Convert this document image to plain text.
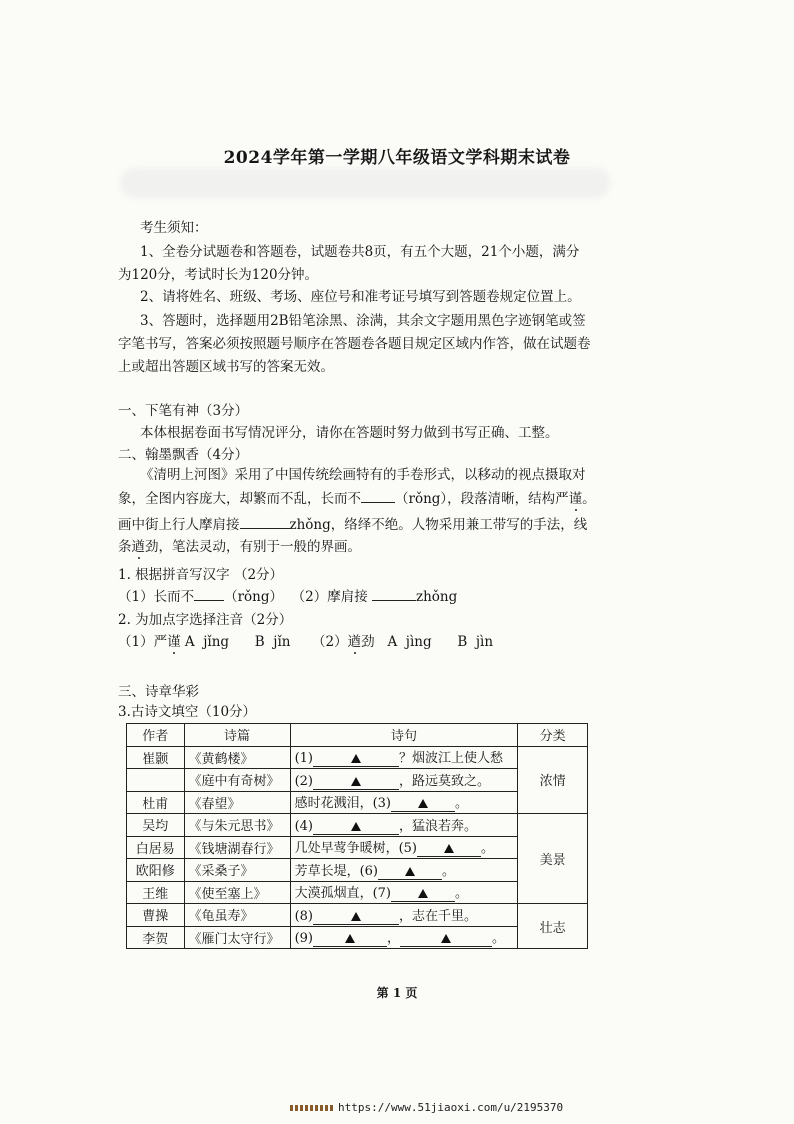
2024学年第一学期八年级语文学科期末试卷
考生须知：
1、全卷分试题卷和答题卷，试题卷共8页，有五个大题，21个小题，满分
为120分，考试时长为120分钟。
2、请将姓名、班级、考场、座位号和准考证号填写到答题卷规定位置上。
3、答题时，选择题用2B铅笔涂黑、涂满，其余文字题用黑色字迹钢笔或签
字笔书写，答案必须按照题号顺序在答题卷各题目规定区域内作答，做在试题卷
上或超出答题区域书写的答案无效。
一、下笔有神（3分）
本体根据卷面书写情况评分，请你在答题时努力做到书写正确、工整。
二、翰墨飘香（4分）
《清明上河图》采用了中国传统绘画特有的手卷形式，以移动的视点摄取对
象，全图内容庞大，却繁而不乱，长而不	（rǒng），段落清晰，结构严谨。
画中街上行人摩肩接	zhǒng，络绎不绝。人物采用兼工带写的手法，线
条遒劲，笔法灵动，有别于一般的界画。
1. 根据拼音写汉字 （2分）
（1）长而不 （rǒng） （2）摩肩接	zhǒng
2. 为加点字选择注音（2分）
（1）严谨 A  jǐng      B  jǐn （2）遒劲   A  jìng      B  jìn
三、诗章华彩
3.古诗文填空（10分）
作者	诗篇	诗句	分类
崔颢	《黄鹤楼》	(1) ？烟波江上使人愁	浓情
	《庭中有奇树》	(2) ，路远莫致之。	
杜甫	《春望》	感时花溅泪，(3) 。	
吴均	《与朱元思书》	(4) ，猛浪若奔。	美景
白居易	《钱塘湖春行》	几处早莺争暖树，(5) 。	
欧阳修	《采桑子》	芳草长堤，(6) 。	
王维	《使至塞上》	大漠孤烟直，(7) 。	
曹操	《龟虽寿》	(8) ，志在千里。	壮志
李贺	《雁门太守行》	(9) ， 。	
第 1 页
https://www.51jiaoxi.com/u/2195370
